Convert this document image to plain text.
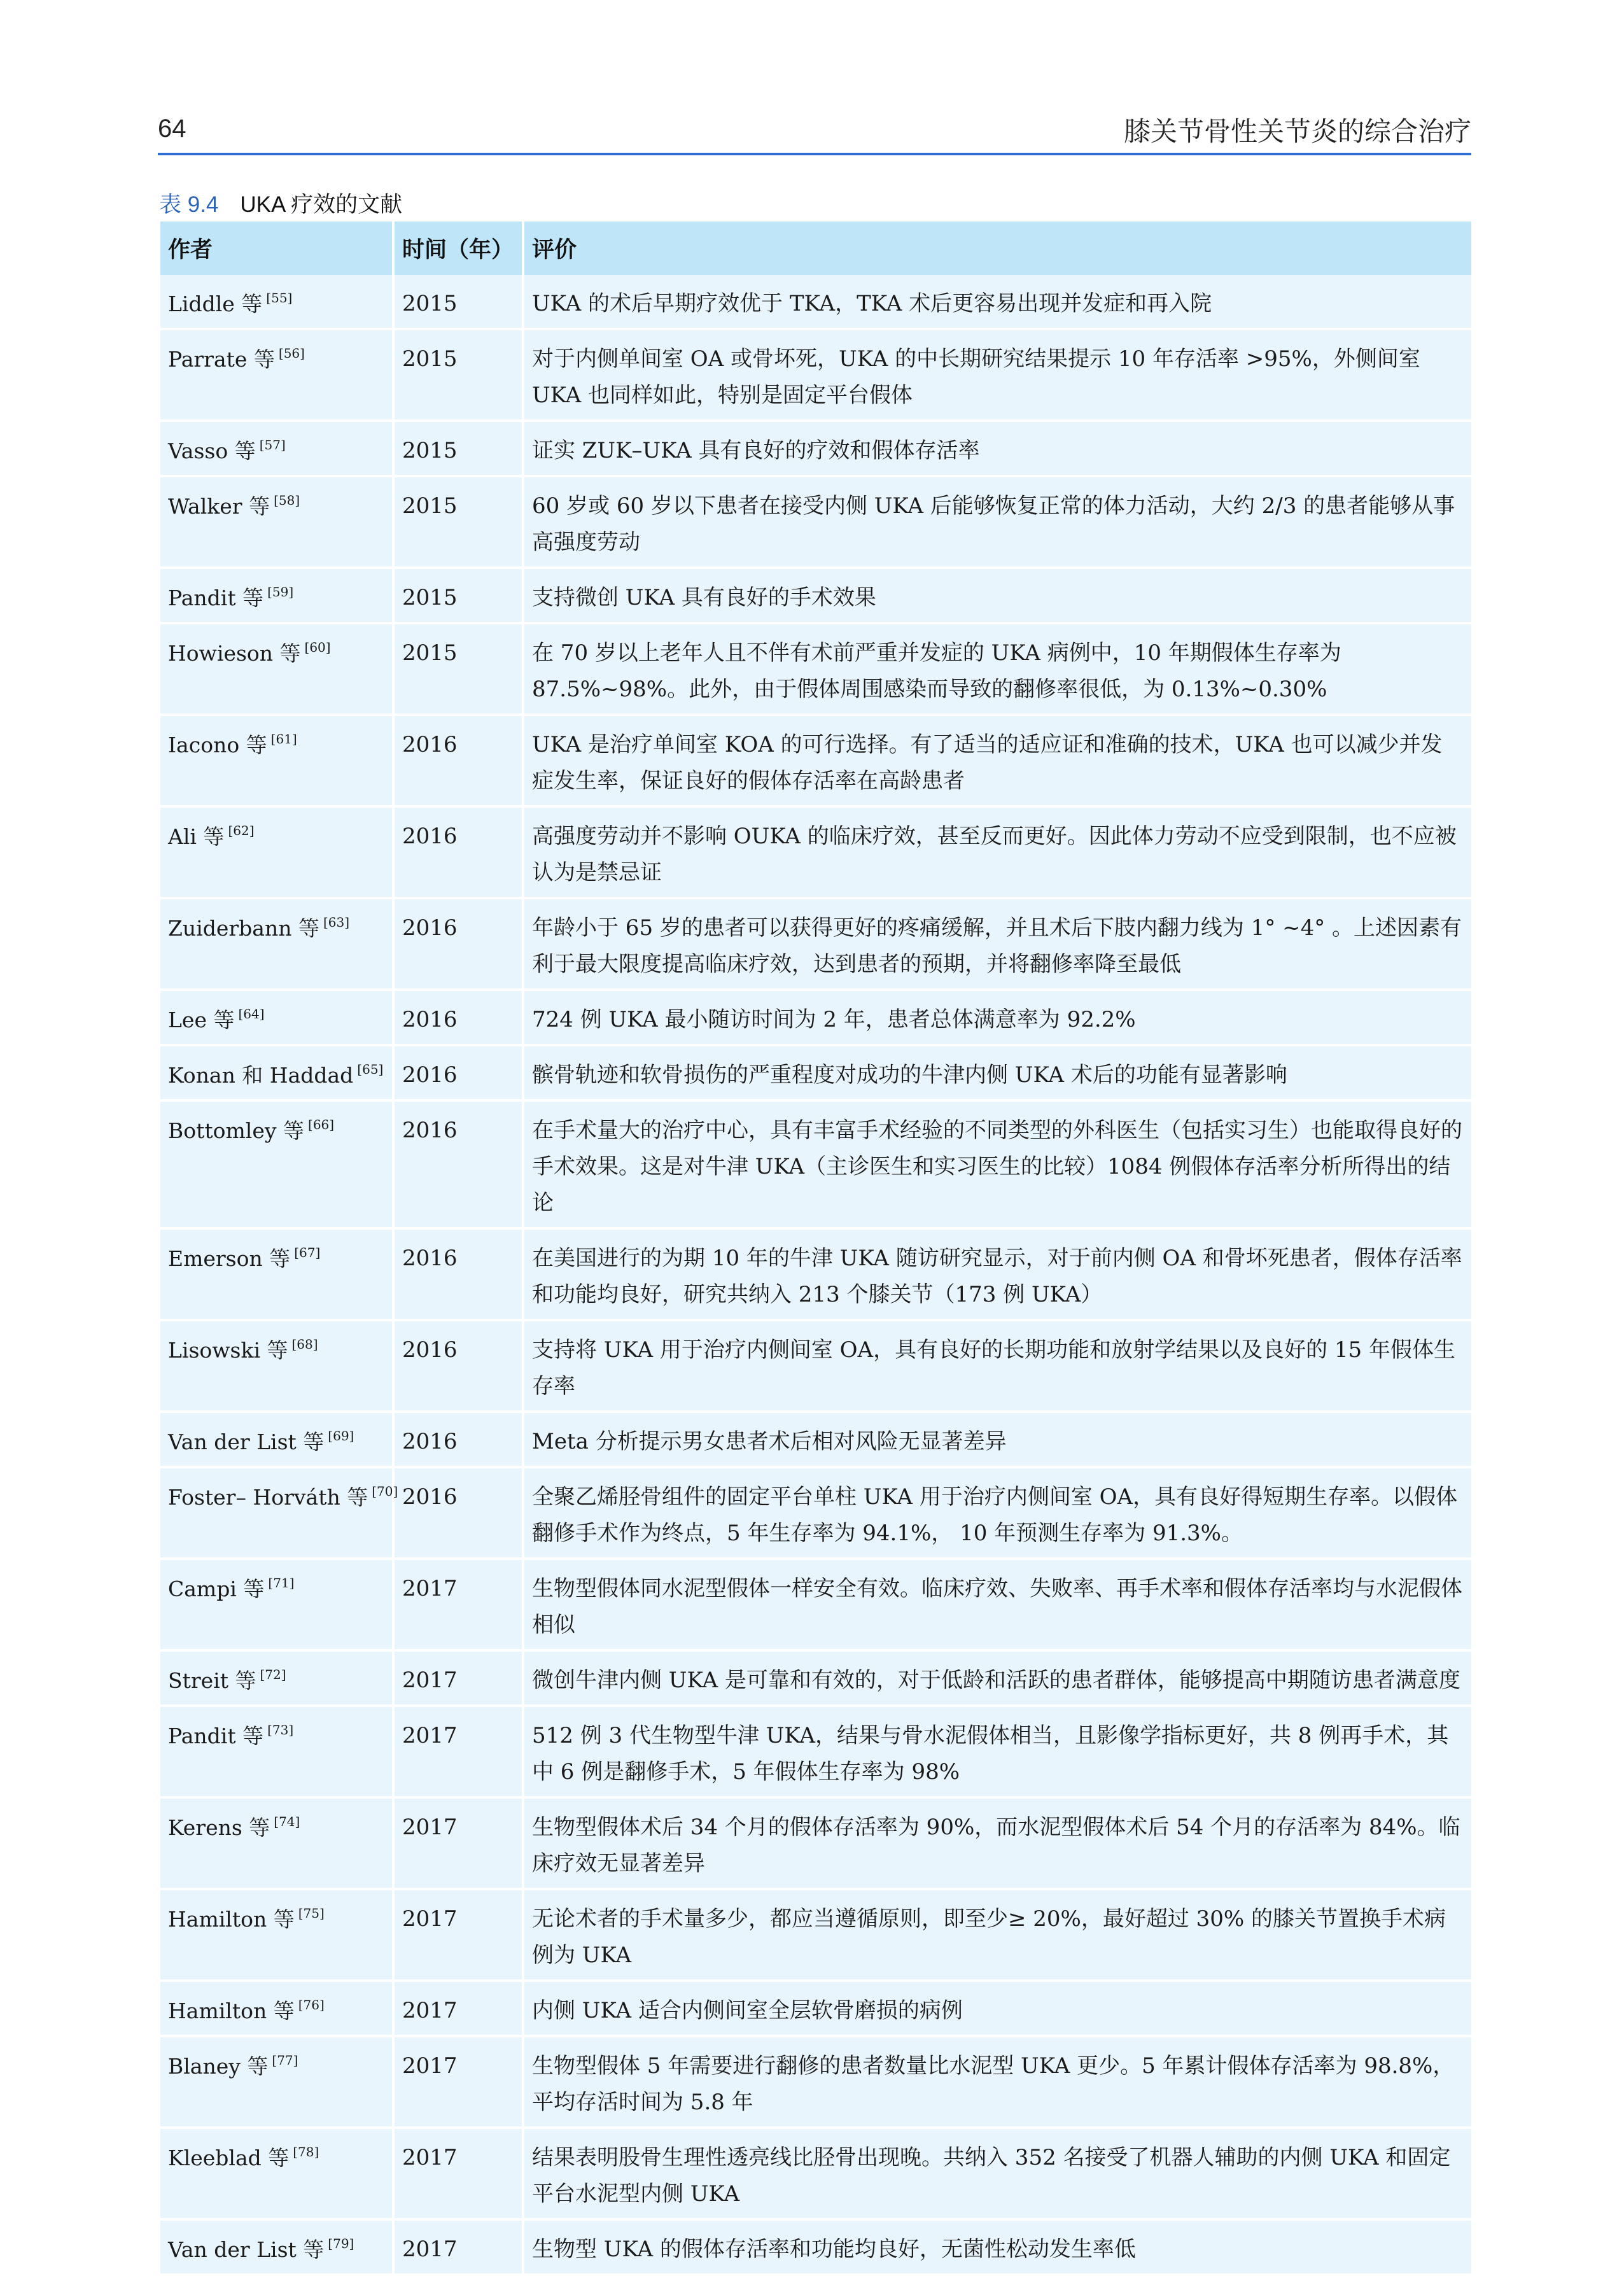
64	膝关节骨性关节炎的综合治疗
表 9.4 UKA 疗效的文献
作者	时间（年）	评价
Liddle 等 [55]	2015	UKA 的术后早期疗效优于 TKA，TKA 术后更容易出现并发症和再入院
Parrate 等 [56]	2015	对于内侧单间室 OA 或骨坏死，UKA 的中长期研究结果提示 10 年存活率 >95%，外侧间室 UKA 也同样如此，特别是固定平台假体
Vasso 等 [57]	2015	证实 ZUK–UKA 具有良好的疗效和假体存活率
Walker 等 [58]	2015	60 岁或 60 岁以下患者在接受内侧 UKA 后能够恢复正常的体力活动，大约 2/3 的患者能够从事高强度劳动
Pandit 等 [59]	2015	支持微创 UKA 具有良好的手术效果
Howieson 等 [60]	2015	在 70 岁以上老年人且不伴有术前严重并发症的 UKA 病例中，10 年期假体生存率为 87.5%~98%。此外，由于假体周围感染而导致的翻修率很低，为 0.13%~0.30%
Iacono 等 [61]	2016	UKA 是治疗单间室 KOA 的可行选择。有了适当的适应证和准确的技术，UKA 也可以减少并发症发生率，保证良好的假体存活率在高龄患者
Ali 等 [62]	2016	高强度劳动并不影响 OUKA 的临床疗效，甚至反而更好。因此体力劳动不应受到限制，也不应被认为是禁忌证
Zuiderbann 等 [63]	2016	年龄小于 65 岁的患者可以获得更好的疼痛缓解，并且术后下肢内翻力线为 1° ~4° 。上述因素有利于最大限度提高临床疗效，达到患者的预期，并将翻修率降至最低
Lee 等 [64]	2016	724 例 UKA 最小随访时间为 2 年，患者总体满意率为 92.2%
Konan 和 Haddad [65]	2016	髌骨轨迹和软骨损伤的严重程度对成功的牛津内侧 UKA 术后的功能有显著影响
Bottomley 等 [66]	2016	在手术量大的治疗中心，具有丰富手术经验的不同类型的外科医生（包括实习生）也能取得良好的手术效果。这是对牛津 UKA（主诊医生和实习医生的比较）1084 例假体存活率分析所得出的结论
Emerson 等 [67]	2016	在美国进行的为期 10 年的牛津 UKA 随访研究显示，对于前内侧 OA 和骨坏死患者，假体存活率和功能均良好，研究共纳入 213 个膝关节（173 例 UKA）
Lisowski 等 [68]	2016	支持将 UKA 用于治疗内侧间室 OA，具有良好的长期功能和放射学结果以及良好的 15 年假体生存率
Van der List 等 [69]	2016	Meta 分析提示男女患者术后相对风险无显著差异
Foster– Horváth 等 [70]	2016	全聚乙烯胫骨组件的固定平台单柱 UKA 用于治疗内侧间室 OA，具有良好得短期生存率。以假体翻修手术作为终点，5 年生存率为 94.1%， 10 年预测生存率为 91.3%。
Campi 等 [71]	2017	生物型假体同水泥型假体一样安全有效。临床疗效、失败率、再手术率和假体存活率均与水泥假体相似
Streit 等 [72]	2017	微创牛津内侧 UKA 是可靠和有效的，对于低龄和活跃的患者群体，能够提高中期随访患者满意度
Pandit 等 [73]	2017	512 例 3 代生物型牛津 UKA，结果与骨水泥假体相当，且影像学指标更好，共 8 例再手术，其中 6 例是翻修手术，5 年假体生存率为 98%
Kerens 等 [74]	2017	生物型假体术后 34 个月的假体存活率为 90%，而水泥型假体术后 54 个月的存活率为 84%。临床疗效无显著差异
Hamilton 等 [75]	2017	无论术者的手术量多少，都应当遵循原则，即至少≥ 20%，最好超过 30% 的膝关节置换手术病例为 UKA
Hamilton 等 [76]	2017	内侧 UKA 适合内侧间室全层软骨磨损的病例
Blaney 等 [77]	2017	生物型假体 5 年需要进行翻修的患者数量比水泥型 UKA 更少。5 年累计假体存活率为 98.8%，平均存活时间为 5.8 年
Kleeblad 等 [78]	2017	结果表明股骨生理性透亮线比胫骨出现晚。共纳入 352 名接受了机器人辅助的内侧 UKA 和固定平台水泥型内侧 UKA
Van der List 等 [79]	2017	生物型 UKA 的假体存活率和功能均良好，无菌性松动发生率低
